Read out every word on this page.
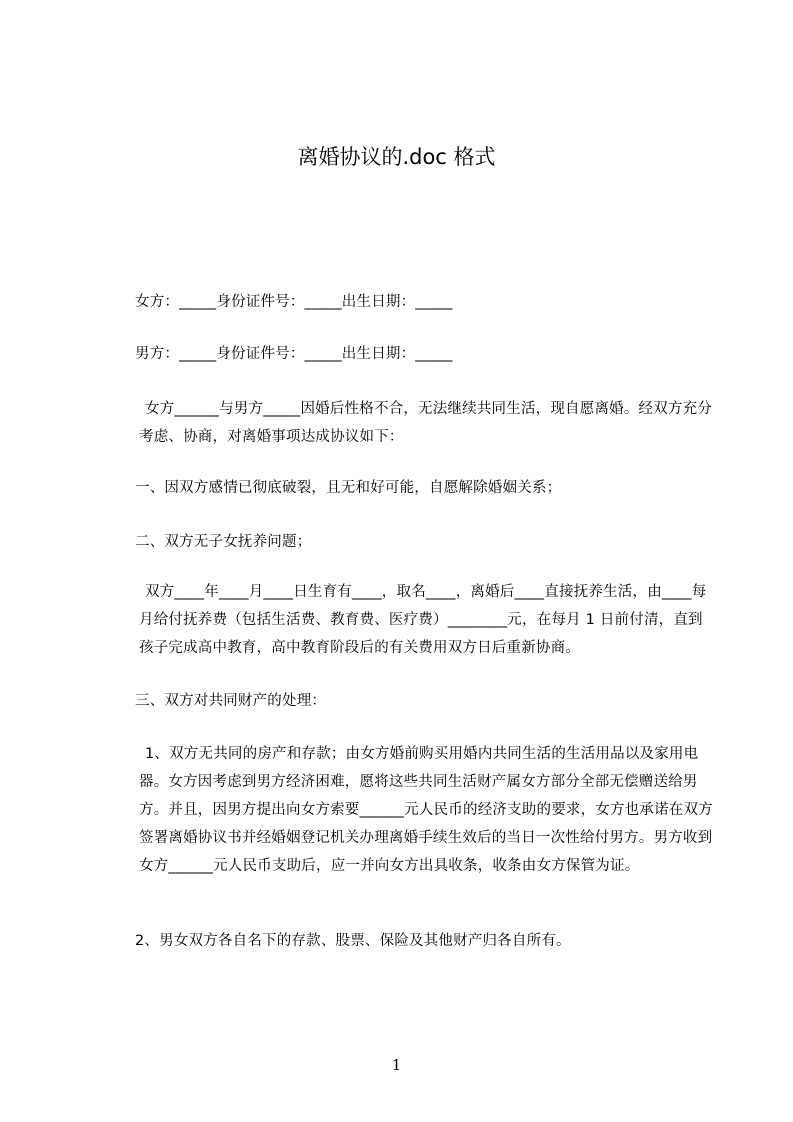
离婚协议的.doc 格式
女方：_____身份证件号：_____出生日期：_____
男方：_____身份证件号：_____出生日期：_____
女方______与男方_____因婚后性格不合，无法继续共同生活，现自愿离婚。经双方充分考虑、协商，对离婚事项达成协议如下：
一、因双方感情已彻底破裂，且无和好可能，自愿解除婚姻关系；
二、双方无子女抚养问题；
双方____年____月____日生育有____，取名____，离婚后____直接抚养生活，由____每月给付抚养费（包括生活费、教育费、医疗费）________元，在每月 1 日前付清，直到孩子完成高中教育，高中教育阶段后的有关费用双方日后重新协商。
三、双方对共同财产的处理：
1、双方无共同的房产和存款；由女方婚前购买用婚内共同生活的生活用品以及家用电器。女方因考虑到男方经济困难，愿将这些共同生活财产属女方部分全部无偿赠送给男方。并且，因男方提出向女方索要______元人民币的经济支助的要求，女方也承诺在双方签署离婚协议书并经婚姻登记机关办理离婚手续生效后的当日一次性给付男方。男方收到女方______元人民币支助后，应一并向女方出具收条，收条由女方保管为证。
2、男女双方各自名下的存款、股票、保险及其他财产归各自所有。
1
